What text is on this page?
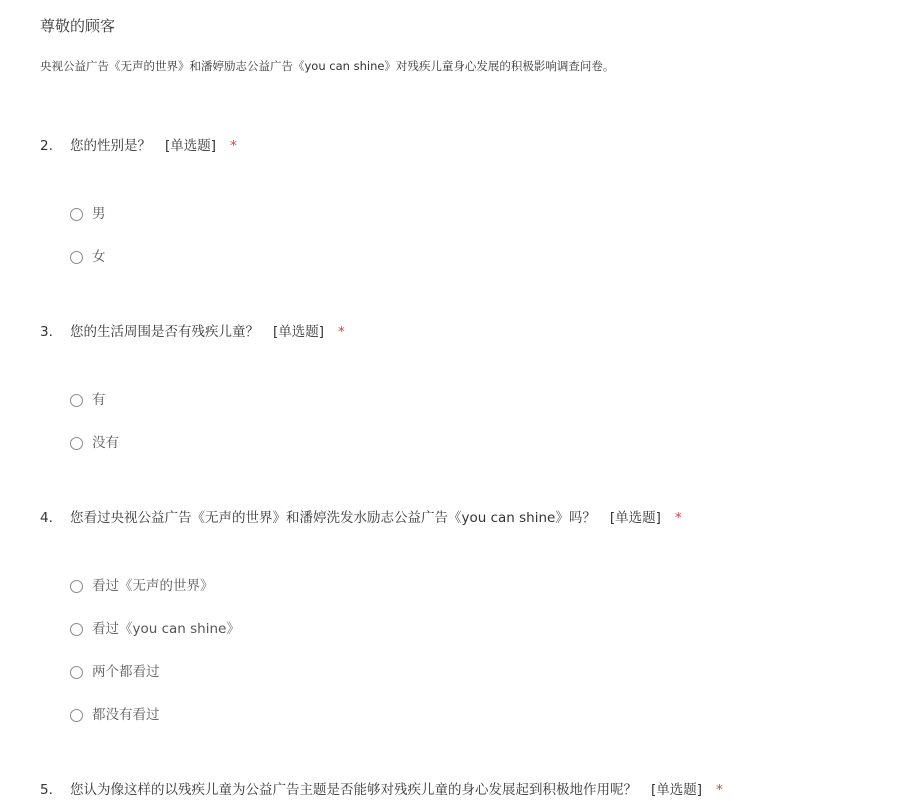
尊敬的顾客
央视公益广告《无声的世界》和潘婷励志公益广告《you can shine》对残疾儿童身心发展的积极影响调查问卷。
2. 您的性别是？ [单选题] *
男
女
3. 您的生活周围是否有残疾儿童？ [单选题] *
有
没有
4. 您看过央视公益广告《无声的世界》和潘婷洗发水励志公益广告《you can shine》吗？ [单选题] *
看过《无声的世界》
看过《you can shine》
两个都看过
都没有看过
5. 您认为像这样的以残疾儿童为公益广告主题是否能够对残疾儿童的身心发展起到积极地作用呢？ [单选题] *
